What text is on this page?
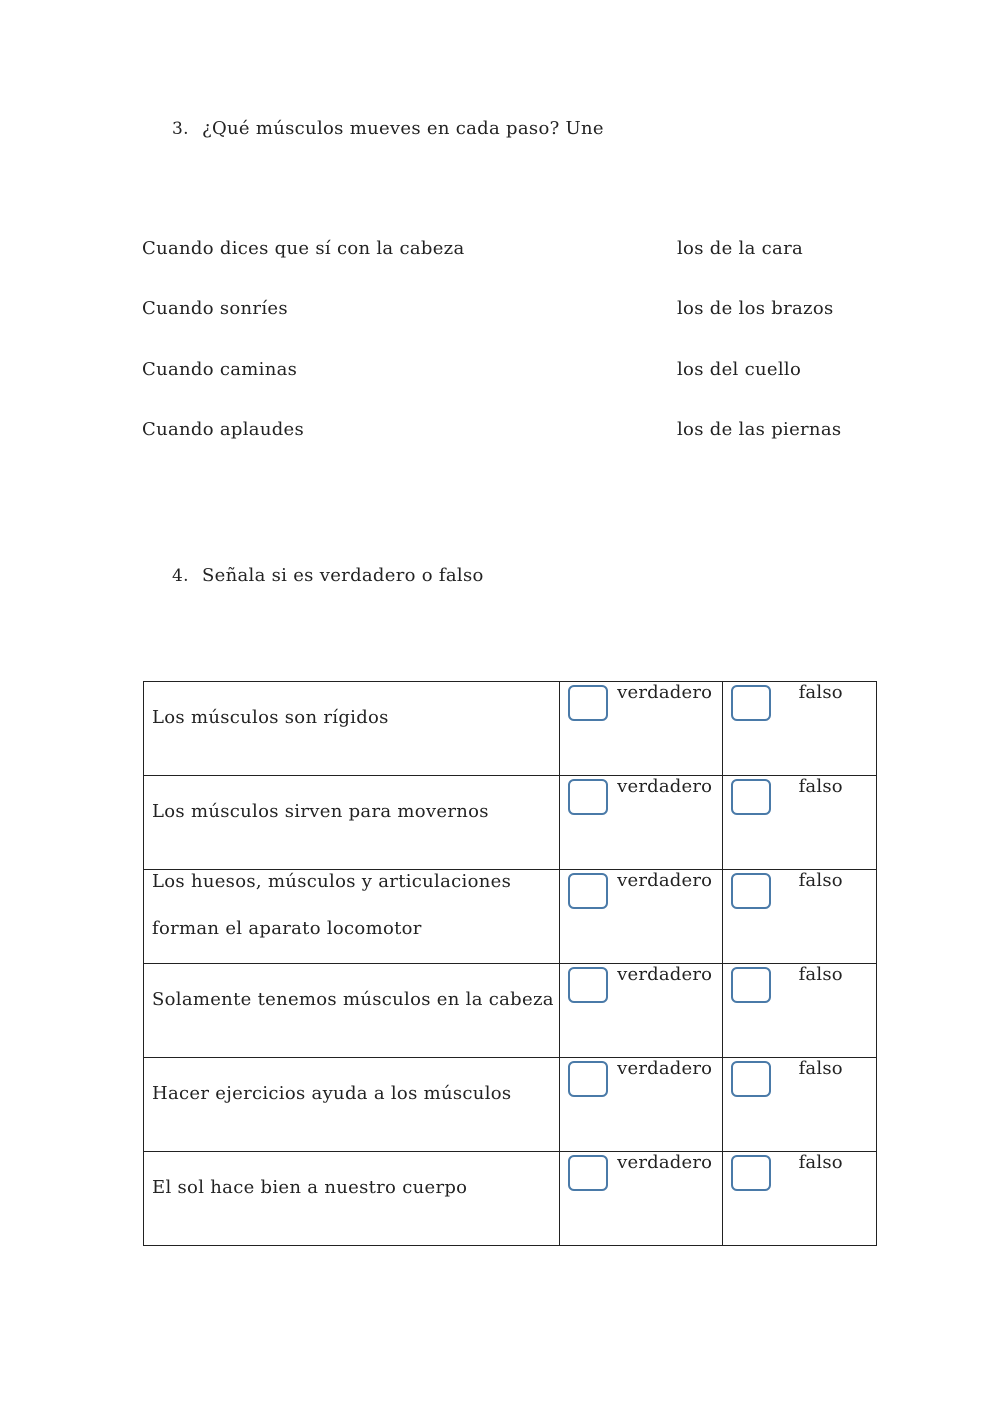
3. ¿Qué músculos mueves en cada paso? Une
Cuando dices que sí con la cabeza	los de la cara
Cuando sonríes	los de los brazos
Cuando caminas	los del cuello
Cuando aplaudes	los de las piernas
4. Señala si es verdadero o falso
Los músculos son rígidos	verdadero	falso

Los músculos sirven para movernos	verdadero	falso

Los huesos, músculos y articulaciones
forman el aparato locomotor	verdadero	falso

Solamente tenemos músculos en la cabeza	verdadero	falso

Hacer ejercicios ayuda a los músculos	verdadero	falso

El sol hace bien a nuestro cuerpo	verdadero	falso
